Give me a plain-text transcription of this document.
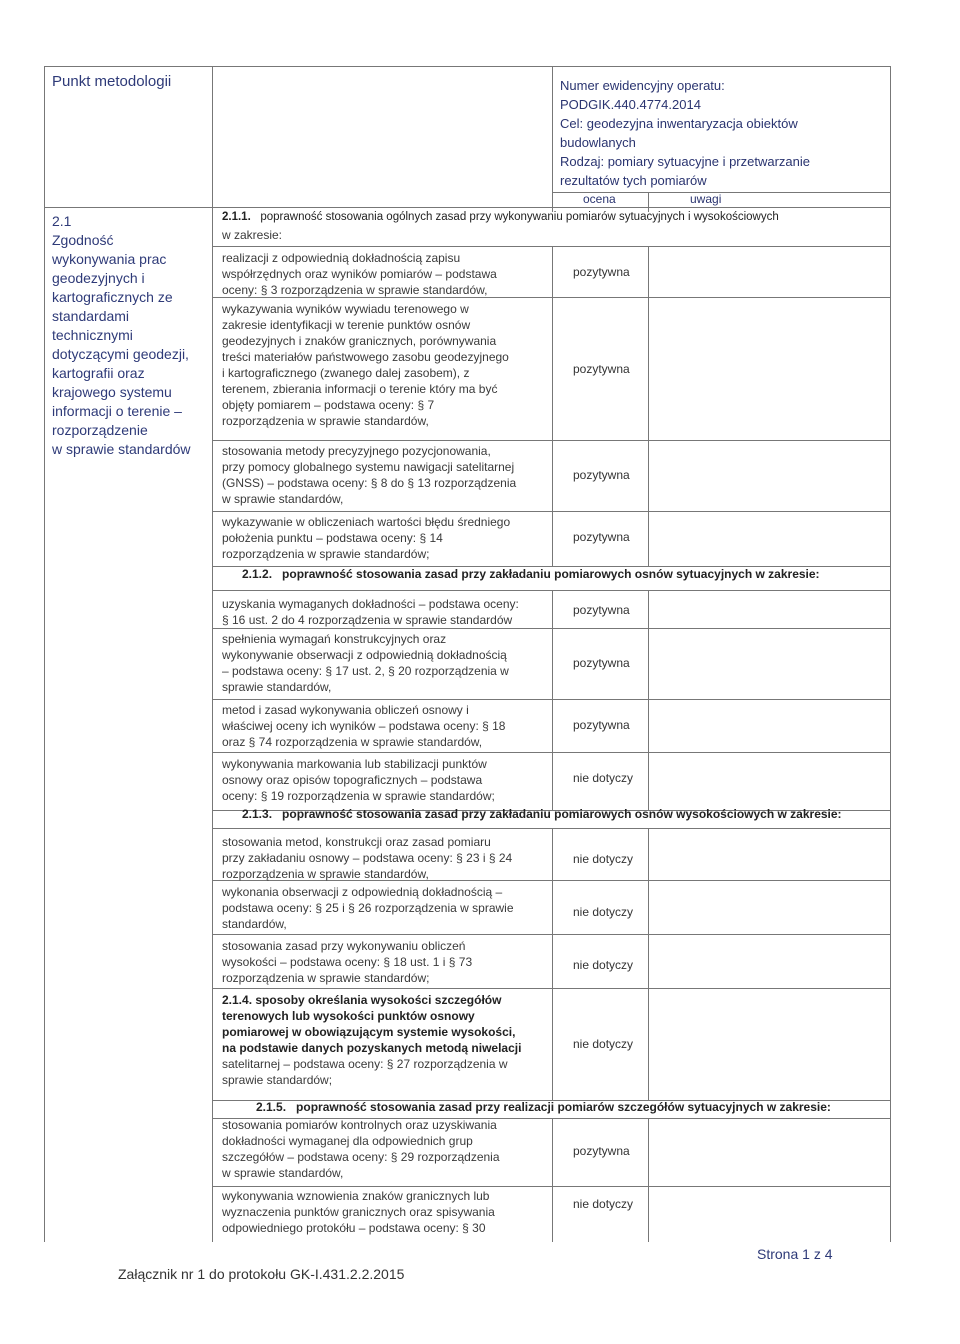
Punkt metodologii
2.1
Zgodność
wykonywania prac
geodezyjnych i
kartograficznych ze
standardami
technicznymi
dotyczącymi geodezji,
kartografii oraz
krajowego systemu
informacji o terenie –
rozporządzenie
w sprawie standardów
Numer ewidencyjny operatu:
PODGIK.440.4774.2014
Cel: geodezyjna inwentaryzacja obiektów
budowlanych
Rodzaj: pomiary sytuacyjne i przetwarzanie
rezultatów tych pomiarów
ocena	uwagi
2.1.1. poprawność stosowania ogólnych zasad przy wykonywaniu pomiarów sytuacyjnych i wysokościowych
w zakresie:
2.1.2. poprawność stosowania zasad przy zakładaniu pomiarowych osnów sytuacyjnych w zakresie:
2.1.3. poprawność stosowania zasad przy zakładaniu pomiarowych osnów wysokościowych w zakresie:
2.1.5. poprawność stosowania zasad przy realizacji pomiarów szczegółów sytuacyjnych w zakresie:
realizacji z odpowiednią dokładnością zapisu
współrzędnych oraz wyników pomiarów – podstawa
oceny: § 3 rozporządzenia w sprawie standardów,
pozytywna
wykazywania wyników wywiadu terenowego w
zakresie identyfikacji w terenie punktów osnów
geodezyjnych i znaków granicznych, porównywania
treści materiałów państwowego zasobu geodezyjnego
i kartograficznego (zwanego dalej zasobem), z
terenem, zbierania informacji o terenie który ma być
objęty pomiarem – podstawa oceny: § 7
rozporządzenia w sprawie standardów,
pozytywna
stosowania metody precyzyjnego pozycjonowania,
przy pomocy globalnego systemu nawigacji satelitarnej
(GNSS) – podstawa oceny: § 8 do § 13 rozporządzenia
w sprawie standardów,
pozytywna
wykazywanie w obliczeniach wartości błędu średniego
położenia punktu – podstawa oceny: § 14
rozporządzenia w sprawie standardów;
pozytywna
uzyskania wymaganych dokładności – podstawa oceny:
§ 16 ust. 2 do 4 rozporządzenia w sprawie standardów
pozytywna
spełnienia wymagań konstrukcyjnych oraz
wykonywanie obserwacji z odpowiednią dokładnością
– podstawa oceny: § 17 ust. 2, § 20 rozporządzenia w
sprawie standardów,
pozytywna
metod i zasad wykonywania obliczeń osnowy i
właściwej oceny ich wyników – podstawa oceny: § 18
oraz § 74 rozporządzenia w sprawie standardów,
pozytywna
wykonywania markowania lub stabilizacji punktów
osnowy oraz opisów topograficznych – podstawa
oceny: § 19 rozporządzenia w sprawie standardów;
nie dotyczy
stosowania metod, konstrukcji oraz zasad pomiaru
przy zakładaniu osnowy – podstawa oceny: § 23 i § 24
rozporządzenia w sprawie standardów,
nie dotyczy
wykonania obserwacji z odpowiednią dokładnością –
podstawa oceny: § 25 i § 26 rozporządzenia w sprawie
standardów,
nie dotyczy
stosowania zasad przy wykonywaniu obliczeń
wysokości – podstawa oceny: § 18 ust. 1 i § 73
rozporządzenia w sprawie standardów;
nie dotyczy
2.1.4. sposoby określania wysokości szczegółów
terenowych lub wysokości punktów osnowy
pomiarowej w obowiązującym systemie wysokości,
na podstawie danych pozyskanych metodą niwelacji
satelitarnej – podstawa oceny: § 27 rozporządzenia w
sprawie standardów;
nie dotyczy
stosowania pomiarów kontrolnych oraz uzyskiwania
dokładności wymaganej dla odpowiednich grup
szczegółów – podstawa oceny: § 29 rozporządzenia
w sprawie standardów,
pozytywna
wykonywania wznowienia znaków granicznych lub
wyznaczenia punktów granicznych oraz spisywania
odpowiedniego protokółu – podstawa oceny: § 30
nie dotyczy
Załącznik nr 1 do protokołu GK-I.431.2.2.2015
Strona 1 z 4
